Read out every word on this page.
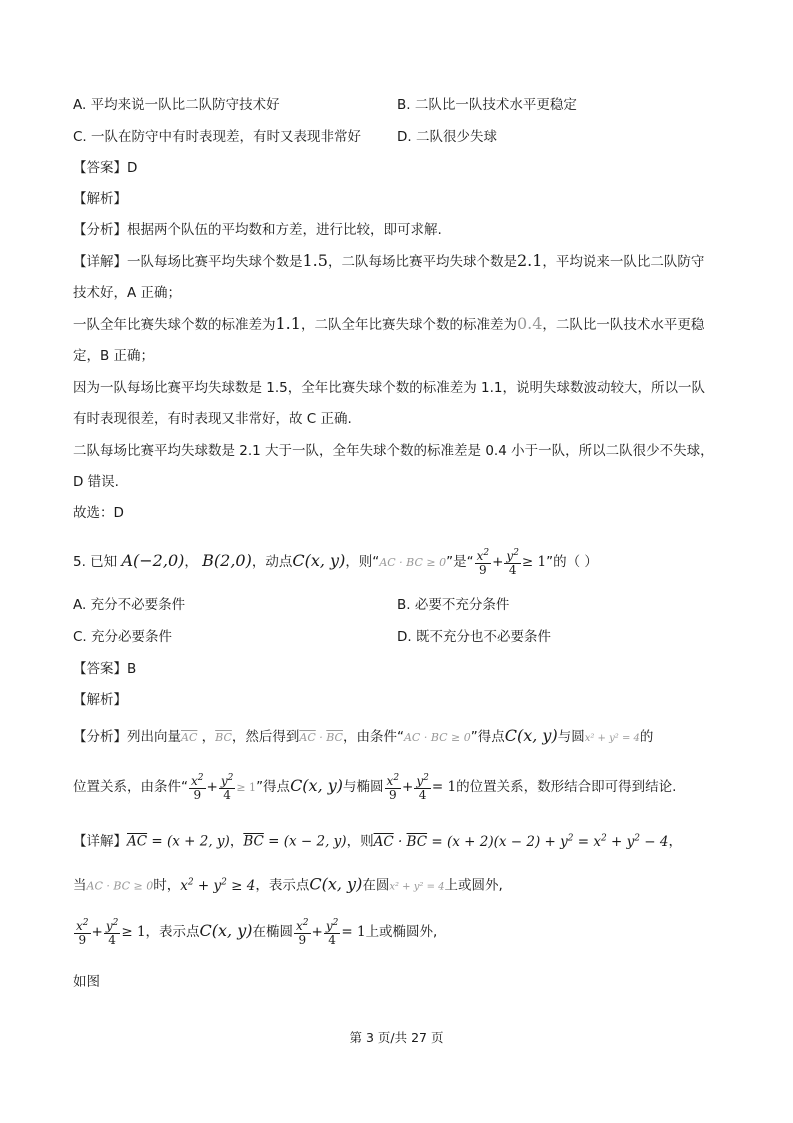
A. 平均来说一队比二队防守技术好	B. 二队比一队技术水平更稳定
C. 一队在防守中有时表现差，有时又表现非常好	D. 二队很少失球
【答案】D
【解析】
【分析】根据两个队伍的平均数和方差，进行比较，即可求解.
【详解】一队每场比赛平均失球个数是1.5，二队每场比赛平均失球个数是2.1，平均说来一队比二队防守
技术好，A 正确；
一队全年比赛失球个数的标准差为1.1，二队全年比赛失球个数的标准差为0.4，二队比一队技术水平更稳
定，B 正确；
因为一队每场比赛平均失球数是 1.5，全年比赛失球个数的标准差为 1.1，说明失球数波动较大，所以一队
有时表现很差，有时表现又非常好，故 C 正确.
二队每场比赛平均失球数是 2.1 大于一队，全年失球个数的标准差是 0.4 小于一队，所以二队很少不失球，
D 错误.
故选：D
5. 已知 A(−2,0)， B(2,0)，动点C(x, y)，则“AC · BC ≥ 0”是“ $\frac{x^2}{9} + \frac{y^2}{4} \ge 1$”的（ ）
A. 充分不必要条件	B. 必要不充分条件
C. 充分必要条件	D. 既不充分也不必要条件
【答案】B
【解析】
【分析】列出向量$\overline{AC}$ ，$\overline{BC}$，然后得到$\overline{AC} \cdot \overline{BC}$，由条件“AC · BC ≥ 0”得点C(x, y)与圆x² + y² = 4的
位置关系，由条件“ $\frac{x^2}{9} + \frac{y^2}{4} \ge 1$”得点C(x, y)与椭圆 $\frac{x^2}{9} + \frac{y^2}{4} = 1$的位置关系，数形结合即可得到结论.
【详解】$\overline{AC} = (x + 2$, y)，$\overline{BC} = (x - 2$, y)，则$\overline{AC} \cdot \overline{BC} = (x + 2)(x - 2) + y^2 = x^2 + y^2 - 4$，
当AC · BC ≥ 0时，$x^2 + y^2 \ge 4$，表示点C(x, y)在圆x² + y² = 4上或圆外,
$\frac{x^2}{9} + \frac{y^2}{4} \ge 1$，表示点C(x, y)在椭圆 $\frac{x^2}{9} + \frac{y^2}{4} = 1$上或椭圆外,
如图
第 3 页/共 27 页
